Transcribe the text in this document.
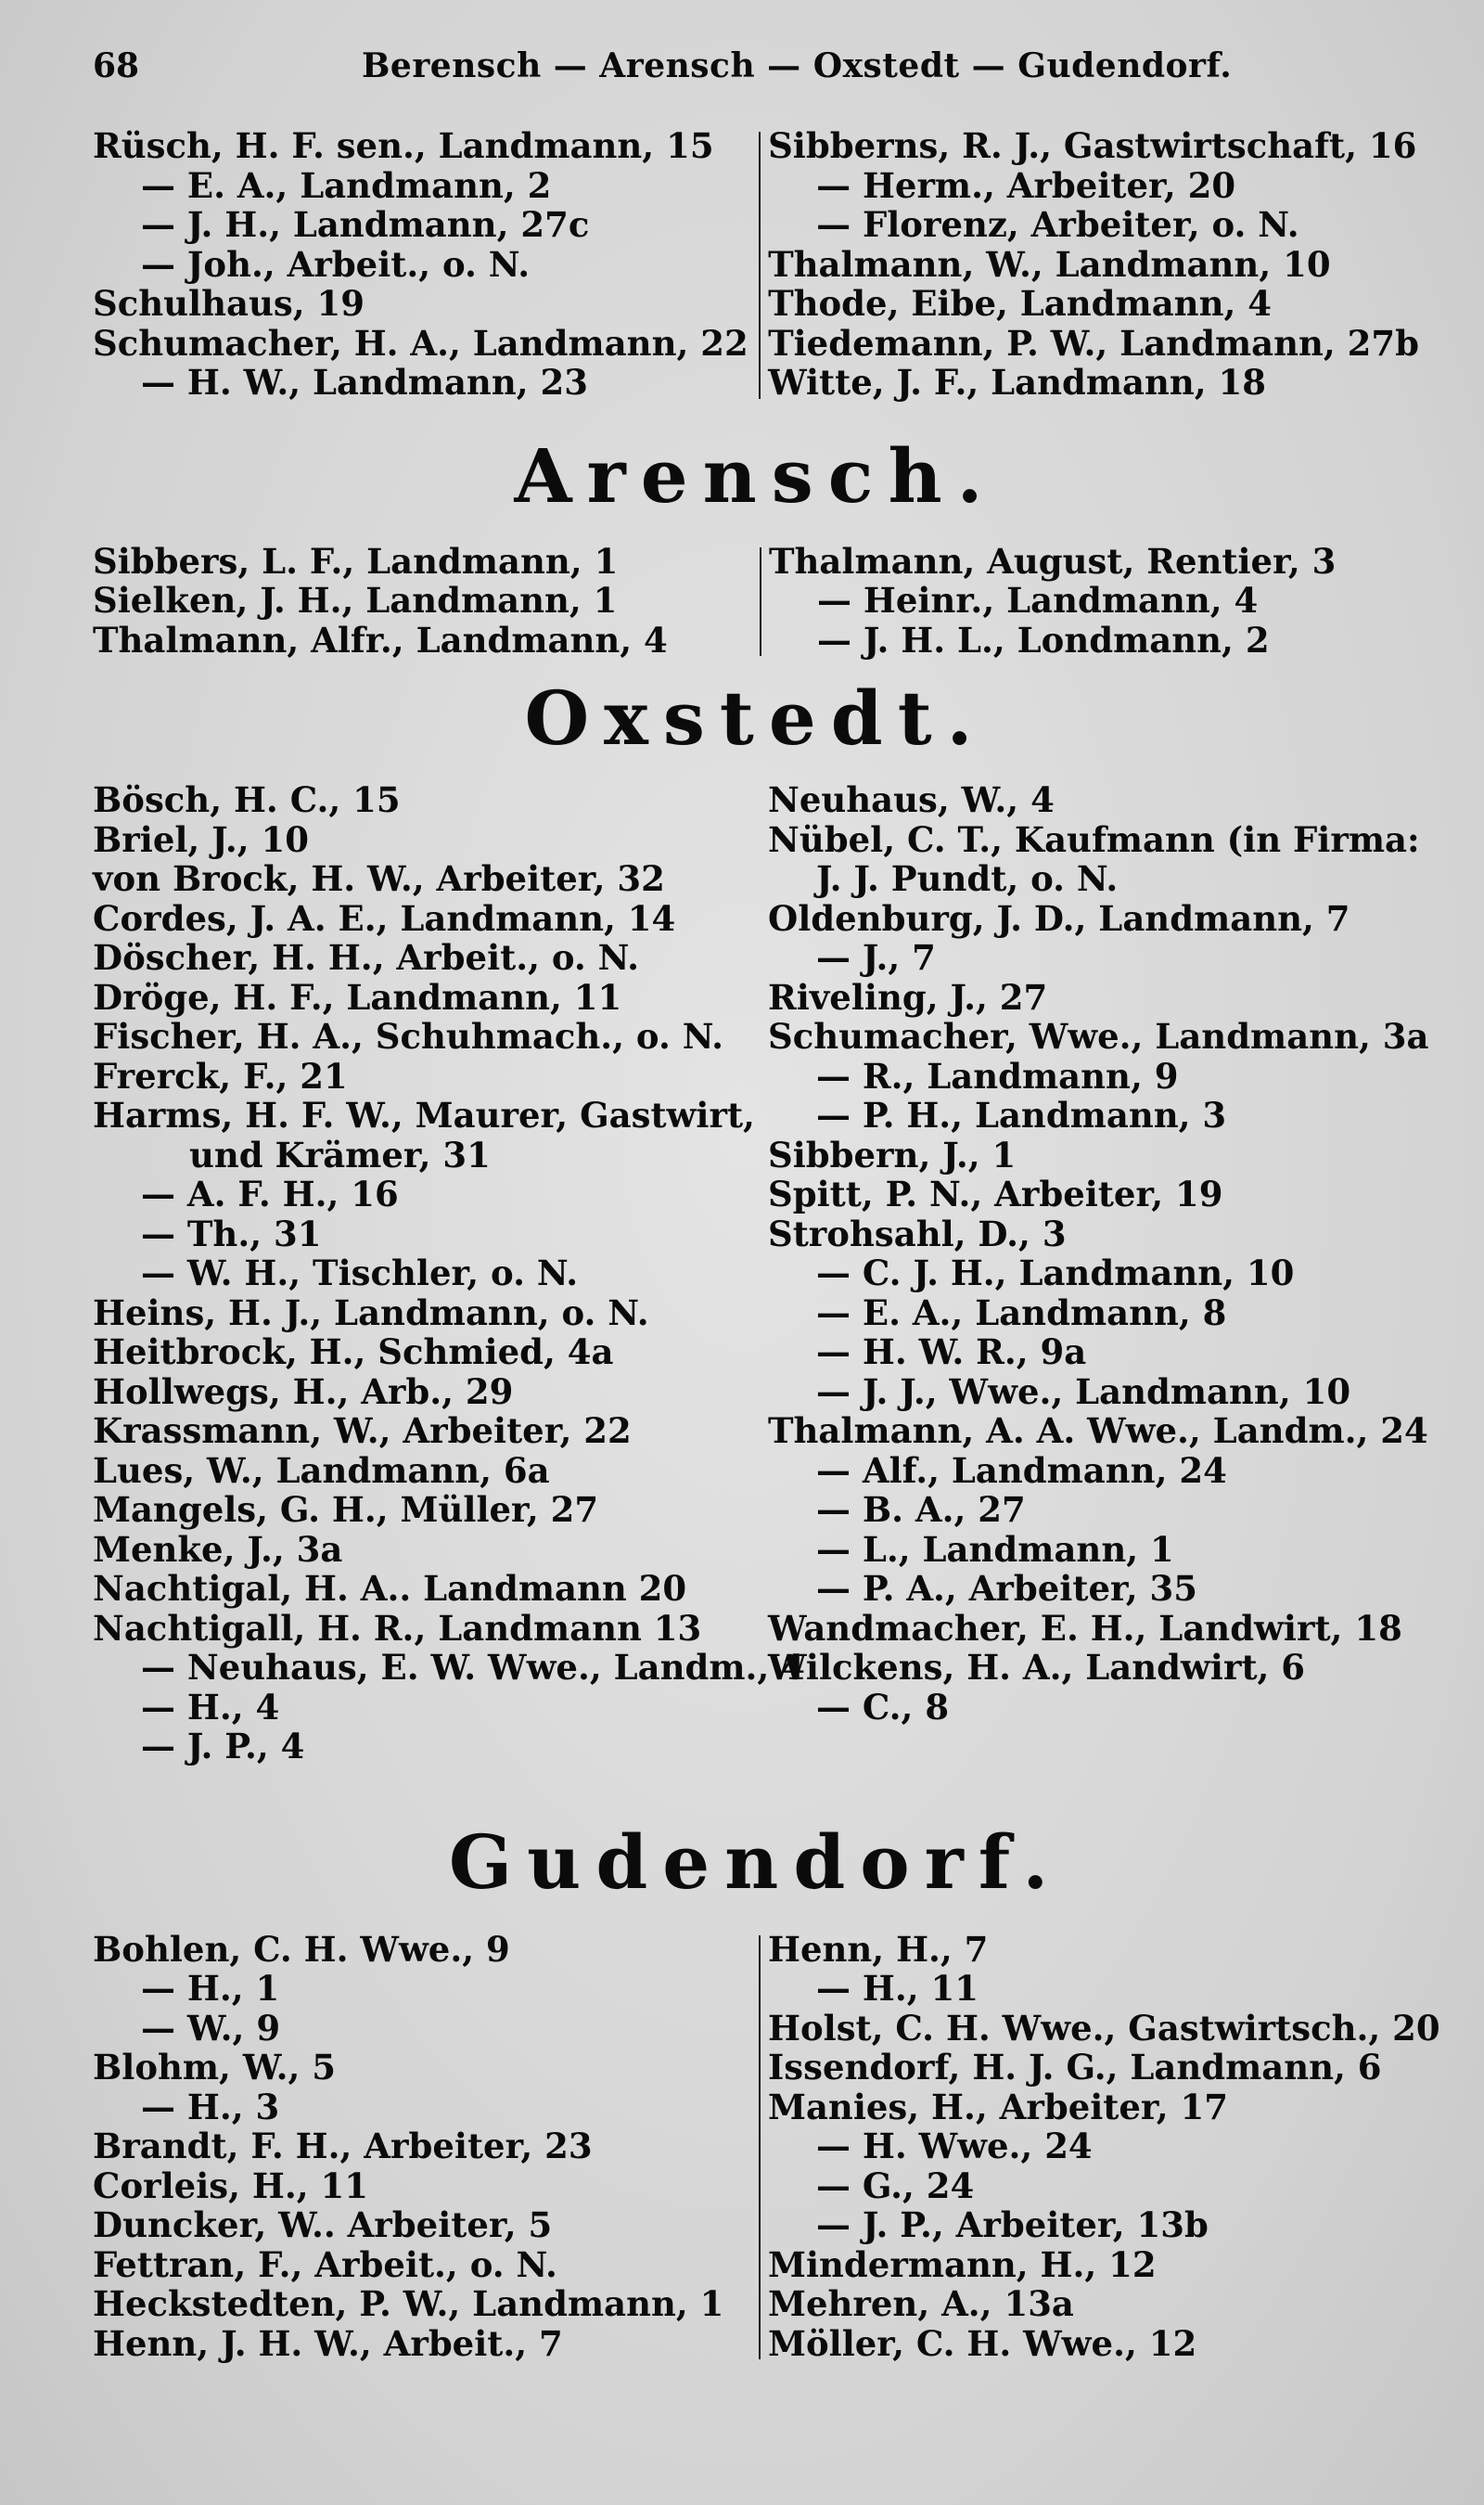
68	Berensch — Arensch — Oxstedt — Gudendorf.
Rüsch, H. F. sen., Landmann, 15
— E. A., Landmann, 2
— J. H., Landmann, 27c
— Joh., Arbeit., o. N.
Schulhaus, 19
Schumacher, H. A., Landmann, 22
— H. W., Landmann, 23
Sibberns, R. J., Gastwirtschaft, 16
— Herm., Arbeiter, 20
— Florenz, Arbeiter, o. N.
Thalmann, W., Landmann, 10
Thode, Eibe, Landmann, 4
Tiedemann, P. W., Landmann, 27b
Witte, J. F., Landmann, 18
Arensch.
Sibbers, L. F., Landmann, 1
Sielken, J. H., Landmann, 1
Thalmann, Alfr., Landmann, 4
Thalmann, August, Rentier, 3
— Heinr., Landmann, 4
— J. H. L., Londmann, 2
Oxstedt.
Bösch, H. C., 15
Briel, J., 10
von Brock, H. W., Arbeiter, 32
Cordes, J. A. E., Landmann, 14
Döscher, H. H., Arbeit., o. N.
Dröge, H. F., Landmann, 11
Fischer, H. A., Schuhmach., o. N.
Frerck, F., 21
Harms, H. F. W., Maurer, Gastwirt,
und Krämer, 31
— A. F. H., 16
— Th., 31
— W. H., Tischler, o. N.
Heins, H. J., Landmann, o. N.
Heitbrock, H., Schmied, 4a
Hollwegs, H., Arb., 29
Krassmann, W., Arbeiter, 22
Lues, W., Landmann, 6a
Mangels, G. H., Müller, 27
Menke, J., 3a
Nachtigal, H. A.. Landmann 20
Nachtigall, H. R., Landmann 13
— Neuhaus, E. W. Wwe., Landm., 4
— H., 4
— J. P., 4
Neuhaus, W., 4
Nübel, C. T., Kaufmann (in Firma:
J. J. Pundt, o. N.
Oldenburg, J. D., Landmann, 7
— J., 7
Riveling, J., 27
Schumacher, Wwe., Landmann, 3a
— R., Landmann, 9
— P. H., Landmann, 3
Sibbern, J., 1
Spitt, P. N., Arbeiter, 19
Strohsahl, D., 3
— C. J. H., Landmann, 10
— E. A., Landmann, 8
— H. W. R., 9a
— J. J., Wwe., Landmann, 10
Thalmann, A. A. Wwe., Landm., 24
— Alf., Landmann, 24
— B. A., 27
— L., Landmann, 1
— P. A., Arbeiter, 35
Wandmacher, E. H., Landwirt, 18
Wilckens, H. A., Landwirt, 6
— C., 8
Gudendorf.
Bohlen, C. H. Wwe., 9
— H., 1
— W., 9
Blohm, W., 5
— H., 3
Brandt, F. H., Arbeiter, 23
Corleis, H., 11
Duncker, W.. Arbeiter, 5
Fettran, F., Arbeit., o. N.
Heckstedten, P. W., Landmann, 1
Henn, J. H. W., Arbeit., 7
Henn, H., 7
— H., 11
Holst, C. H. Wwe., Gastwirtsch., 20
Issendorf, H. J. G., Landmann, 6
Manies, H., Arbeiter, 17
— H. Wwe., 24
— G., 24
— J. P., Arbeiter, 13b
Mindermann, H., 12
Mehren, A., 13a
Möller, C. H. Wwe., 12
